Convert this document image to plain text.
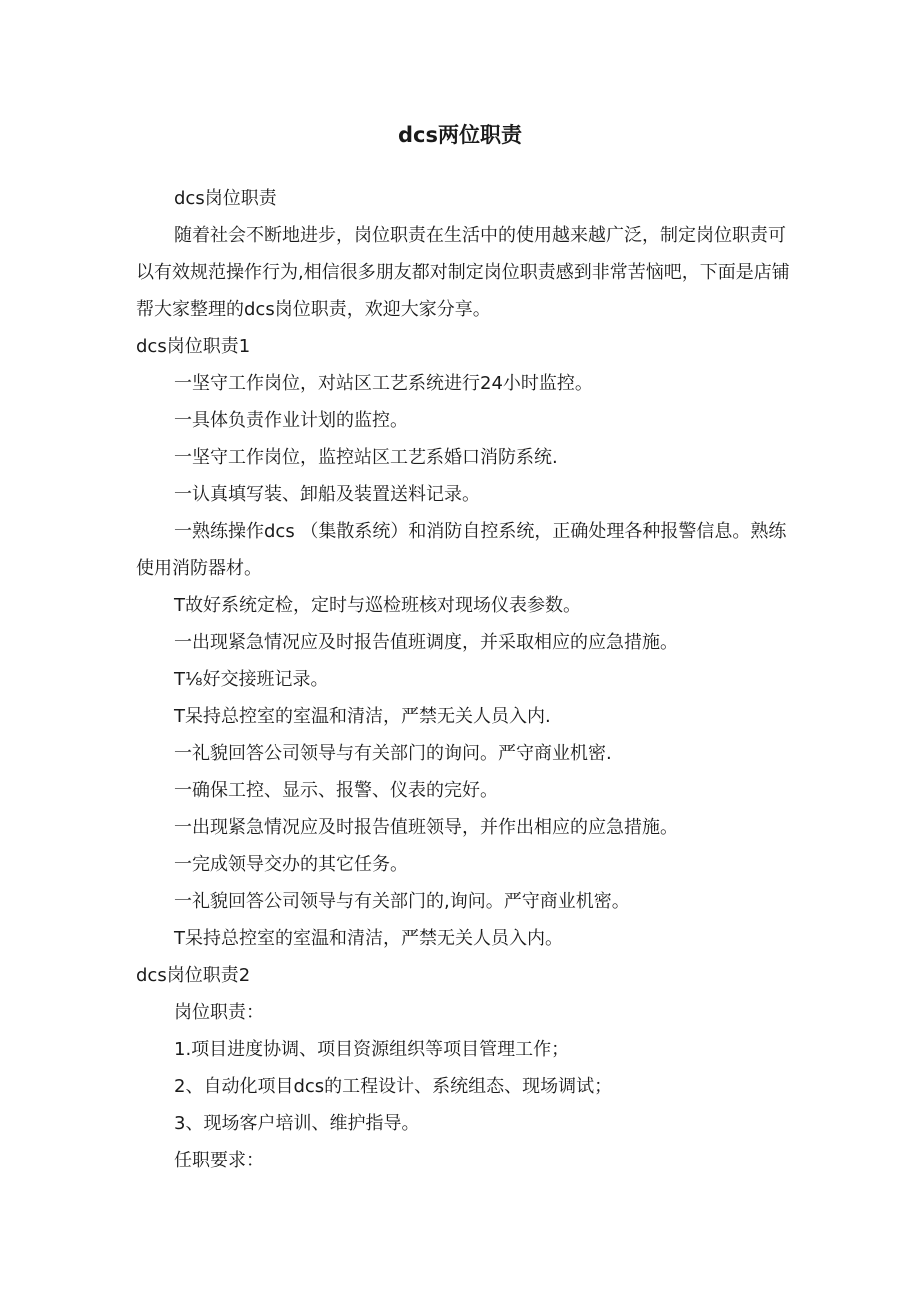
dcs两位职责

dcs岗位职责

随着社会不断地进步，岗位职责在生活中的使用越来越广泛，制定岗位职责可以有效规范操作行为,相信很多朋友都对制定岗位职责感到非常苦恼吧，下面是店铺帮大家整理的dcs岗位职责，欢迎大家分享。

dcs岗位职责1

一坚守工作岗位，对站区工艺系统进行24小时监控。

一具体负责作业计划的监控。

一坚守工作岗位，监控站区工艺系婚口消防系统.

一认真填写装、卸船及装置送料记录。

一熟练操作dcs （集散系统）和消防自控系统，正确处理各种报警信息。熟练使用消防器材。

T故好系统定检，定时与巡检班核对现场仪表参数。

一出现紧急情况应及时报告值班调度，并采取相应的应急措施。

T⅛好交接班记录。

T呆持总控室的室温和清洁，严禁无关人员入内.

一礼貌回答公司领导与有关部门的询问。严守商业机密.

一确保工控、显示、报警、仪表的完好。

一出现紧急情况应及时报告值班领导，并作出相应的应急措施。

一完成领导交办的其它任务。

一礼貌回答公司领导与有关部门的,询问。严守商业机密。

T呆持总控室的室温和清洁，严禁无关人员入内。

dcs岗位职责2

岗位职责：

1.项目进度协调、项目资源组织等项目管理工作；

2、自动化项目dcs的工程设计、系统组态、现场调试；

3、现场客户培训、维护指导。

任职要求：
